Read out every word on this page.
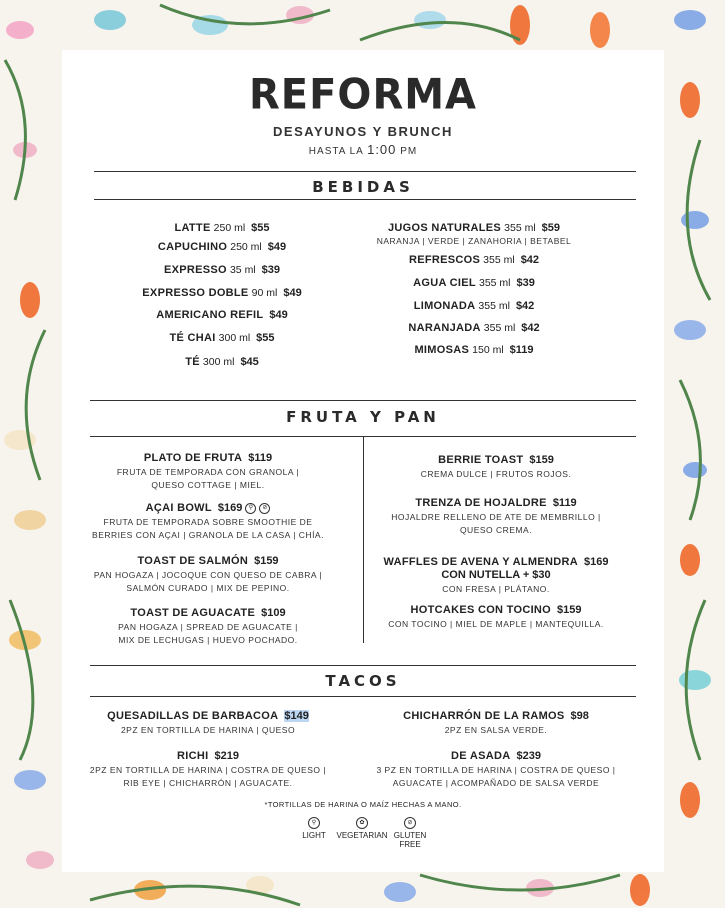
REFORMA
DESAYUNOS Y BRUNCH
HASTA LA 1:00 PM
BEBIDAS
LATTE 250 ml $55
CAPUCHINO 250 ml $49
EXPRESSO 35 ml $39
EXPRESSO DOBLE 90 ml $49
AMERICANO REFIL $49
TÉ CHAI 300 ml $55
TÉ 300 ml $45
JUGOS NATURALES 355 ml $59
NARANJA | VERDE | ZANAHORIA | BETABEL
REFRESCOS 355 ml $42
AGUA CIEL 355 ml $39
LIMONADA 355 ml $42
NARANJADA 355 ml $42
MIMOSAS 150 ml $119
FRUTA Y PAN
PLATO DE FRUTA $119
FRUTA DE TEMPORADA CON GRANOLA |
QUESO COTTAGE | MIEL.
AÇAI BOWL $169 ⚲ ⊘
FRUTA DE TEMPORADA SOBRE SMOOTHIE DE
BERRIES CON AÇAI | GRANOLA DE LA CASA | CHÍA.
TOAST DE SALMÓN $159
PAN HOGAZA | JOCOQUE CON QUESO DE CABRA |
SALMÓN CURADO | MIX DE PEPINO.
TOAST DE AGUACATE $109
PAN HOGAZA | SPREAD DE AGUACATE |
MIX DE LECHUGAS | HUEVO POCHADO.
BERRIE TOAST $159
CREMA DULCE | FRUTOS ROJOS.
TRENZA DE HOJALDRE $119
HOJALDRE RELLENO DE ATE DE MEMBRILLO |
QUESO CREMA.
WAFFLES DE AVENA Y ALMENDRA $169
CON NUTELLA + $30
CON FRESA | PLÁTANO.
HOTCAKES CON TOCINO $159
CON TOCINO | MIEL DE MAPLE | MANTEQUILLA.
TACOS
QUESADILLAS DE BARBACOA $149
2PZ EN TORTILLA DE HARINA | QUESO
RICHI $219
2PZ EN TORTILLA DE HARINA | COSTRA DE QUESO |
RIB EYE | CHICHARRÓN | AGUACATE.
CHICHARRÓN DE LA RAMOS $98
2PZ EN SALSA VERDE.
DE ASADA $239
3 PZ EN TORTILLA DE HARINA | COSTRA DE QUESO |
AGUACATE | ACOMPAÑADO DE SALSA VERDE
*TORTILLAS DE HARINA O MAÍZ HECHAS A MANO.
⚲
LIGHT
✿
VEGETARIAN
⊘
GLUTEN
FREE
